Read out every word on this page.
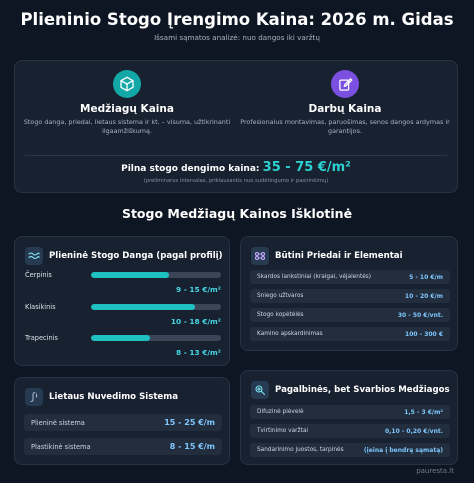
Plieninio Stogo Įrengimo Kaina: 2026 m. Gidas
Išsami sąmatos analizė: nuo dangos iki varžtų
Medžiagų Kaina
Stogo danga, priedai, lietaus sistema ir kt. – visuma, užtikrinanti
ilgaamžiškumą.
Darbų Kaina
Profesionalus montavimas, paruošimas, senos dangos ardymas ir
garantijos.
Pilna stogo dengimo kaina: 35 - 75 €/m²
(preliminarus intervalas, priklausantis nuo sudėtingumo ir pasirinkimų)
Stogo Medžiagų Kainos Išklotinė
Plieninė Stogo Danga (pagal profilį)
Čerpinis
9 - 15 €/m²
Klasikinis
10 - 18 €/m²
Trapecinis
8 - 13 €/m²
Būtini Priedai ir Elementai
Skardos lankstiniai (kraigai, vėjalentės)	5 - 10 €/m
Sniego užtvaros	10 - 20 €/m
Stogo kopėtėlės	30 - 50 €/vnt.
Kamino apskardinimas	100 - 300 €
Lietaus Nuvedimo Sistema
Plieninė sistema	15 - 25 €/m
Plastikinė sistema	8 - 15 €/m
Pagalbinės, bet Svarbios Medžiagos
Difuzinė plėvelė	1,5 - 3 €/m²
Tvirtinimo varžtai	0,10 - 0,20 €/vnt.
Sandarinimo juostos, tarpinės	(įeina į bendrą sąmatą)
pauresta.lt
